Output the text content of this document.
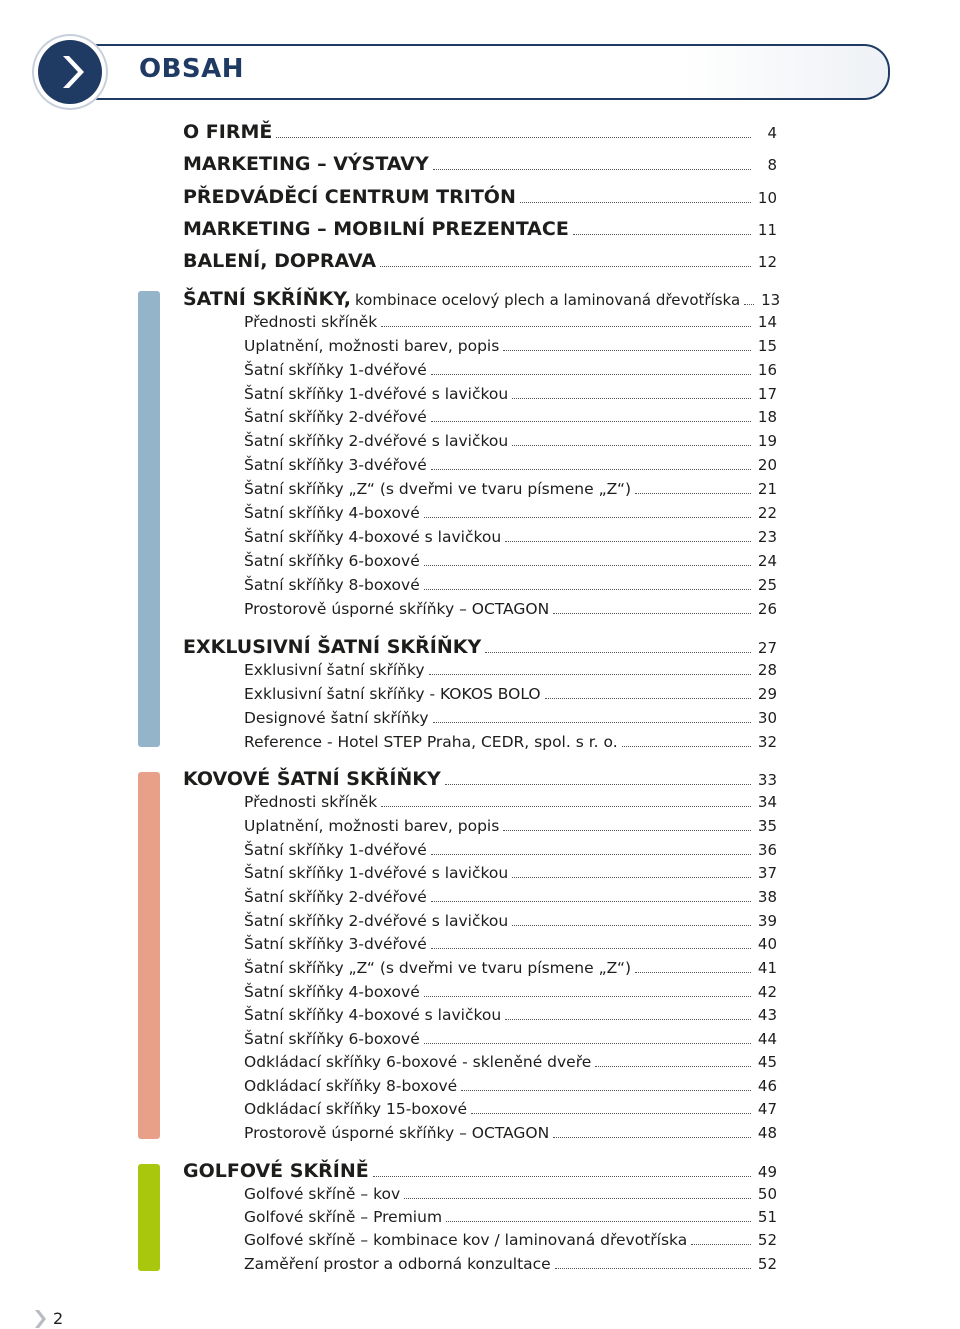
OBSAH
O FIRMĚ	4
MARKETING – VÝSTAVY	8
PŘEDVÁDĚCÍ CENTRUM TRITÓN	10
MARKETING – MOBILNÍ PREZENTACE	11
BALENÍ, DOPRAVA	12
ŠATNÍ SKŘÍŇKY, kombinace ocelový plech a laminovaná dřevotříska	13
Přednosti skříněk	14
Uplatnění, možnosti barev, popis	15
Šatní skříňky 1-dvéřové	16
Šatní skříňky 1-dvéřové s lavičkou	17
Šatní skříňky 2-dvéřové	18
Šatní skříňky 2-dvéřové s lavičkou	19
Šatní skříňky 3-dvéřové	20
Šatní skříňky „Z“ (s dveřmi ve tvaru písmene „Z“)	21
Šatní skříňky 4-boxové	22
Šatní skříňky 4-boxové s lavičkou	23
Šatní skříňky 6-boxové	24
Šatní skříňky 8-boxové	25
Prostorově úsporné skříňky – OCTAGON	26
EXKLUSIVNÍ ŠATNÍ SKŘÍŇKY	27
Exklusivní šatní skříňky	28
Exklusivní šatní skříňky - KOKOS BOLO	29
Designové šatní skříňky	30
Reference - Hotel STEP Praha, CEDR, spol. s r. o.	32
KOVOVÉ ŠATNÍ SKŘÍŇKY	33
Přednosti skříněk	34
Uplatnění, možnosti barev, popis	35
Šatní skříňky 1-dvéřové	36
Šatní skříňky 1-dvéřové s lavičkou	37
Šatní skříňky 2-dvéřové	38
Šatní skříňky 2-dvéřové s lavičkou	39
Šatní skříňky 3-dvéřové	40
Šatní skříňky „Z“ (s dveřmi ve tvaru písmene „Z“)	41
Šatní skříňky 4-boxové	42
Šatní skříňky 4-boxové s lavičkou	43
Šatní skříňky 6-boxové	44
Odkládací skříňky 6-boxové - skleněné dveře	45
Odkládací skříňky 8-boxové	46
Odkládací skříňky 15-boxové	47
Prostorově úsporné skříňky – OCTAGON	48
GOLFOVÉ SKŘÍNĚ	49
Golfové skříně – kov	50
Golfové skříně – Premium	51
Golfové skříně – kombinace kov / laminovaná dřevotříska	52
Zaměření prostor a odborná konzultace	52
2
